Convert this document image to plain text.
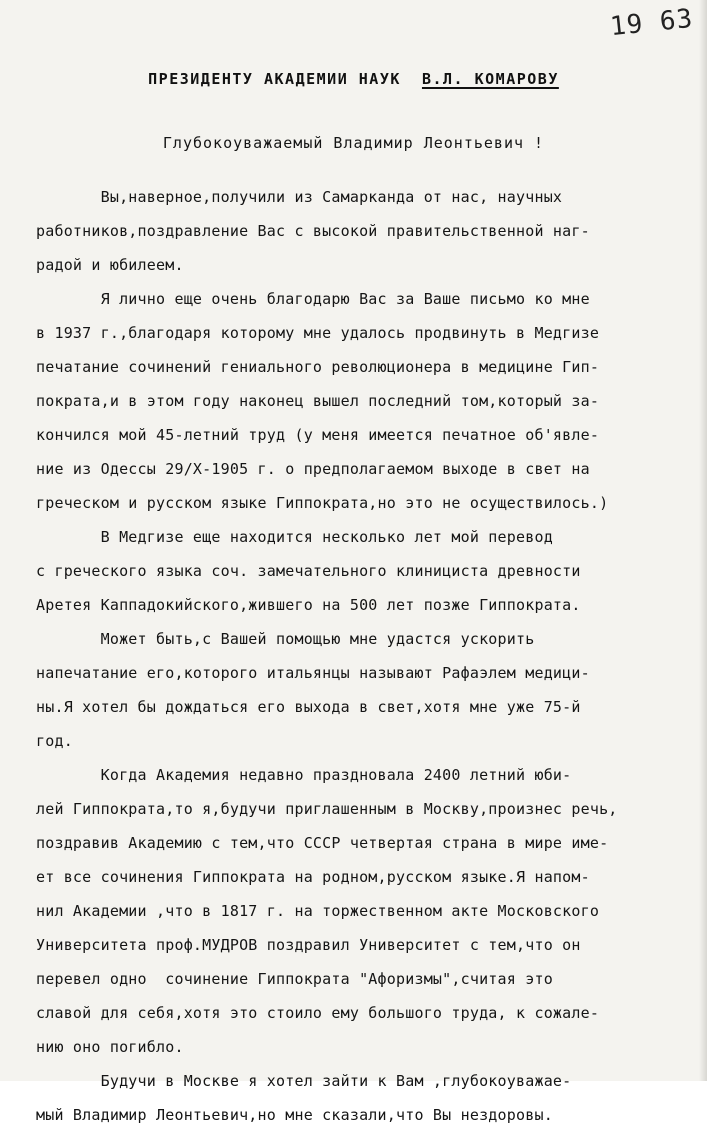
19 63
ПРЕЗИДЕНТУ АКАДЕМИИ НАУК В.Л. КОМАРОВУ
Глубокоуважаемый Владимир Леонтьевич !
Вы,наверное,получили из Самарканда от нас, научных
работников,поздравление Вас с высокой правительственной наг-
радой и юбилеем.
Я лично еще очень благодарю Вас за Ваше письмо ко мне
в 1937 г.,благодаря которому мне удалось продвинуть в Медгизе
печатание сочинений гениального революционера в медицине Гип-
пократа,и в этом году наконец вышел последний том,который за-
кончился мой 45-летний труд (у меня имеется печатное об'явле-
ние из Одессы 29/X-1905 г. о предполагаемом выходе в свет на
греческом и русском языке Гиппократа,но это не осуществилось.)
В Медгизе еще находится несколько лет мой перевод
с греческого языка соч. замечательного клинициста древности
Аретея Каппадокийского,жившего на 500 лет позже Гиппократа.
Может быть,с Вашей помощью мне удастся ускорить
напечатание его,которого итальянцы называют Рафаэлем медици-
ны.Я хотел бы дождаться его выхода в свет,хотя мне уже 75-й
год.
Когда Академия недавно праздновала 2400 летний юби-
лей Гиппократа,то я,будучи приглашенным в Москву,произнес речь,
поздравив Академию с тем,что СССР четвертая страна в мире име-
ет все сочинения Гиппократа на родном,русском языке.Я напом-
нил Академии ,что в 1817 г. на торжественном акте Московского
Университета проф.МУДРОВ поздравил Университет с тем,что он
перевел одно  сочинение Гиппократа "Афоризмы",считая это
славой для себя,хотя это стоило ему большого труда, к сожале-
нию оно погибло.
Будучи в Москве я хотел зайти к Вам ,глубокоуважае-
мый Владимир Леонтьевич,но мне сказали,что Вы нездоровы.
